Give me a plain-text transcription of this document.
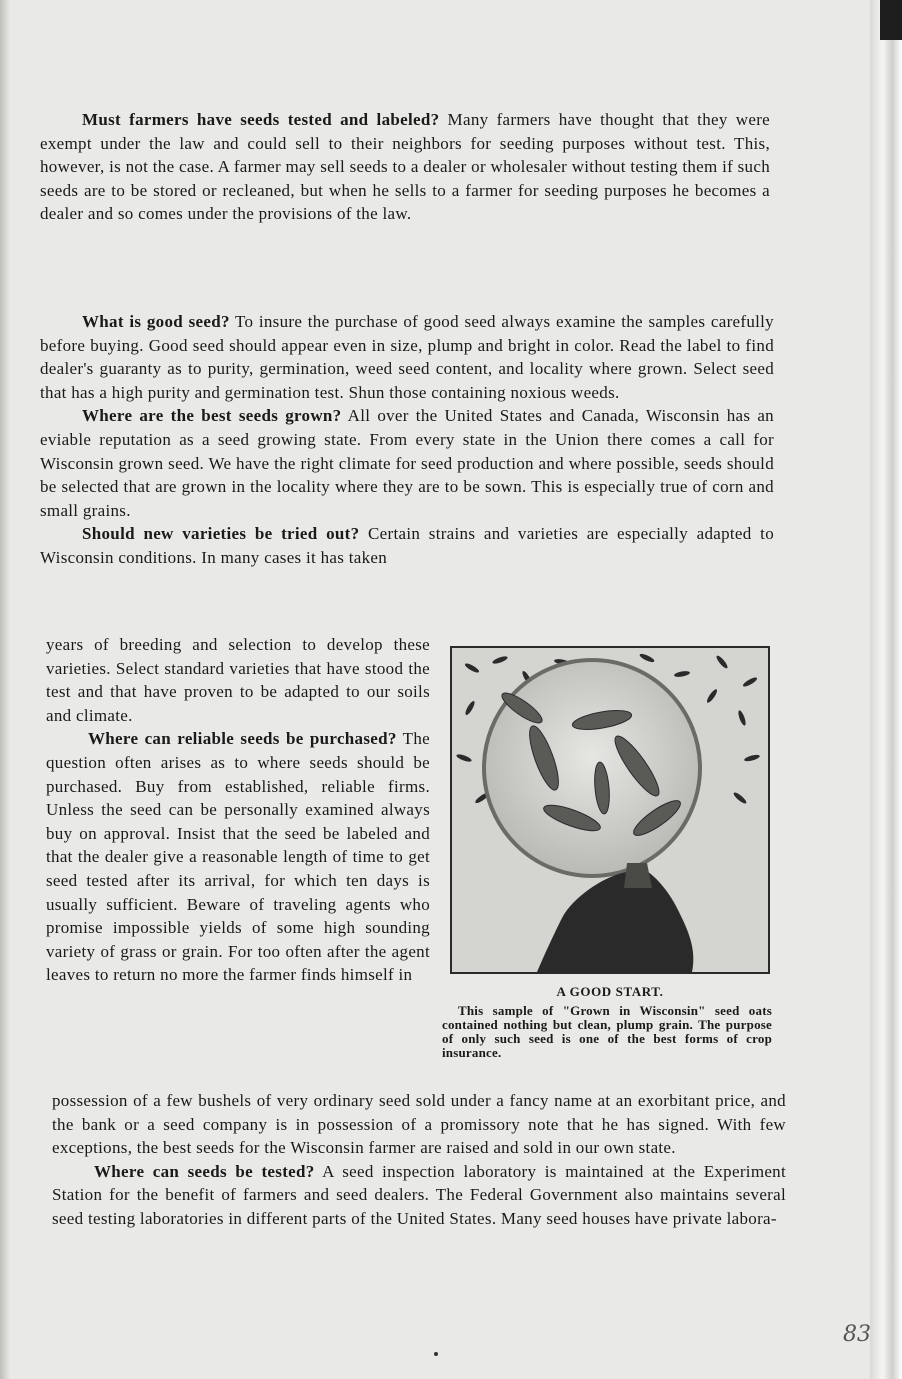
Must farmers have seeds tested and labeled? Many farmers have thought that they were exempt under the law and could sell to their neighbors for seeding purposes without test. This, however, is not the case. A farmer may sell seeds to a dealer or wholesaler without testing them if such seeds are to be stored or recleaned, but when he sells to a farmer for seeding purposes he becomes a dealer and so comes under the provisions of the law.

What is good seed? To insure the purchase of good seed always examine the samples carefully before buying. Good seed should appear even in size, plump and bright in color. Read the label to find dealer's guaranty as to purity, germination, weed seed content, and locality where grown. Select seed that has a high purity and germination test. Shun those containing noxious weeds.

Where are the best seeds grown? All over the United States and Canada, Wisconsin has an eviable reputation as a seed growing state. From every state in the Union there comes a call for Wisconsin grown seed. We have the right climate for seed production and where possible, seeds should be selected that are grown in the locality where they are to be sown. This is especially true of corn and small grains.

Should new varieties be tried out? Certain strains and varieties are especially adapted to Wisconsin conditions. In many cases it has taken

years of breeding and selection to develop these varieties. Select standard varieties that have stood the test and that have proven to be adapted to our soils and climate.

Where can reliable seeds be purchased? The question often arises as to where seeds should be purchased. Buy from established, reliable firms. Unless the seed can be personally examined always buy on approval. Insist that the seed be labeled and that the dealer give a reasonable length of time to get seed tested after its arrival, for which ten days is usually sufficient. Beware of traveling agents who promise impossible yields of some high sounding variety of grass or grain. For too often after the agent leaves to return no more the farmer finds himself in

A GOOD START.
This sample of "Grown in Wisconsin" seed oats contained nothing but clean, plump grain. The purpose of only such seed is one of the best forms of crop insurance.

possession of a few bushels of very ordinary seed sold under a fancy name at an exorbitant price, and the bank or a seed company is in possession of a promissory note that he has signed. With few exceptions, the best seeds for the Wisconsin farmer are raised and sold in our own state.

Where can seeds be tested? A seed inspection laboratory is maintained at the Experiment Station for the benefit of farmers and seed dealers. The Federal Government also maintains several seed testing laboratories in different parts of the United States. Many seed houses have private labora-

83
